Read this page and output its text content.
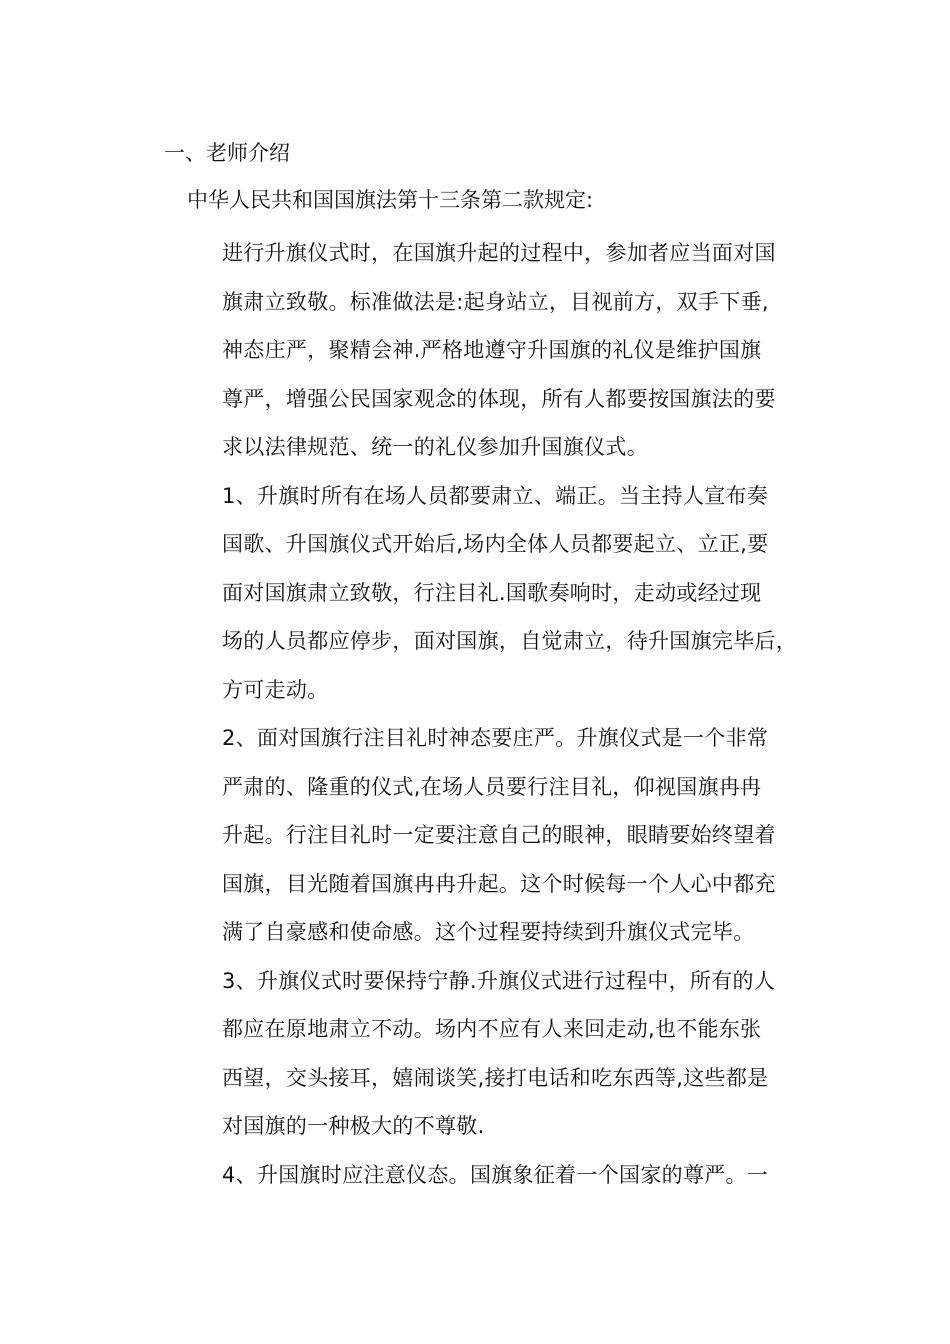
一、老师介绍
中华人民共和国国旗法第十三条第二款规定:
进行升旗仪式时，在国旗升起的过程中，参加者应当面对国
旗肃立致敬。标准做法是:起身站立，目视前方，双手下垂,
神态庄严，聚精会神.严格地遵守升国旗的礼仪是维护国旗
尊严，增强公民国家观念的体现，所有人都要按国旗法的要
求以法律规范、统一的礼仪参加升国旗仪式。
1、升旗时所有在场人员都要肃立、端正。当主持人宣布奏
国歌、升国旗仪式开始后,场内全体人员都要起立、立正,要
面对国旗肃立致敬，行注目礼.国歌奏响时，走动或经过现
场的人员都应停步，面对国旗，自觉肃立，待升国旗完毕后，
方可走动。
2、面对国旗行注目礼时神态要庄严。升旗仪式是一个非常
严肃的、隆重的仪式,在场人员要行注目礼，仰视国旗冉冉
升起。行注目礼时一定要注意自己的眼神，眼睛要始终望着
国旗，目光随着国旗冉冉升起。这个时候每一个人心中都充
满了自豪感和使命感。这个过程要持续到升旗仪式完毕。
3、升旗仪式时要保持宁静.升旗仪式进行过程中，所有的人
都应在原地肃立不动。场内不应有人来回走动,也不能东张
西望，交头接耳，嬉闹谈笑,接打电话和吃东西等,这些都是
对国旗的一种极大的不尊敬.
4、升国旗时应注意仪态。国旗象征着一个国家的尊严。一
